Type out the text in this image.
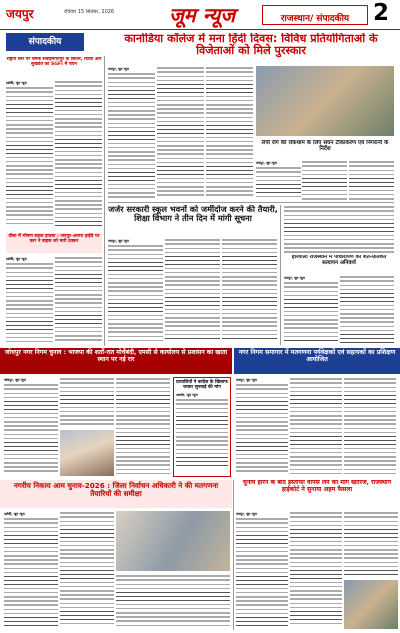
जयपुर	रविवार 15 सितंबर, 2026	जूम न्यूज	राजस्थान/ संपादकीय	2
संपादकीय	कानोडिया कॉलेज में मना हिंदी दिवस: विविध प्रतियोगिताओं के विजेताओं को मिले पुरस्कार
राष्ट्रीय स्तर पर चमके सवाईमाधोपुर के सितारे, दिव्या और सुखवंत का SGFI में चयन
दर्शकी, जूम न्यूज
दौसा में भीषण सड़क हादसा : जयपुर-आगरा हाईवे पर कार ने बाइक को मारी टक्कर
दर्शकी, जूम न्यूज
जयपुर, जूम न्यूज
लंपी रोग की रोकथाम के लिए सघन टीकाकरण एवं निगरानी के निर्देश
जयपुर, जूम न्यूज
जर्जर सरकारी स्कूल भवनों को जमींदोज करने की तैयारी, शिक्षा विभाग ने तीन दिन में मांगी सूचना
जयपुर, जूम न्यूज
हरियालो राजस्थान में पौधारोपण का शत-प्रतिशत सत्यापन अनिवार्य
जयपुर, जूम न्यूज
जोधपुर नगर निगम चुनाव : भाजपा की शर्तों-रात मोर्चेबंदी, एमसी से कार्यालय से प्रशासन का खाता स्थान पर नई रार
नगर निगम समागार में मतगणना पर्यवेक्षकों एवं सहायकों का प्रशिक्षण आयोजित
जोधपुर, जूम न्यूज	प्रत्याशियों ने कांग्रेस के खिलाफ जाकर सुनवाई की मांग
अजमेर, जूम न्यूज
जयपुर, जूम न्यूज
नगरीय निकाय आम चुनाव-2026 : जिला निर्वाचन अधिकारी ने की मतगणना तैयारियों की समीक्षा
दर्शकी, जूम न्यूज
चुनाव हारने के बाद इस्तीफा वापस लेने की मांग खारिज, राजस्थान हाईकोर्ट ने सुनाया अहम फैसला
जयपुर, जूम न्यूज
